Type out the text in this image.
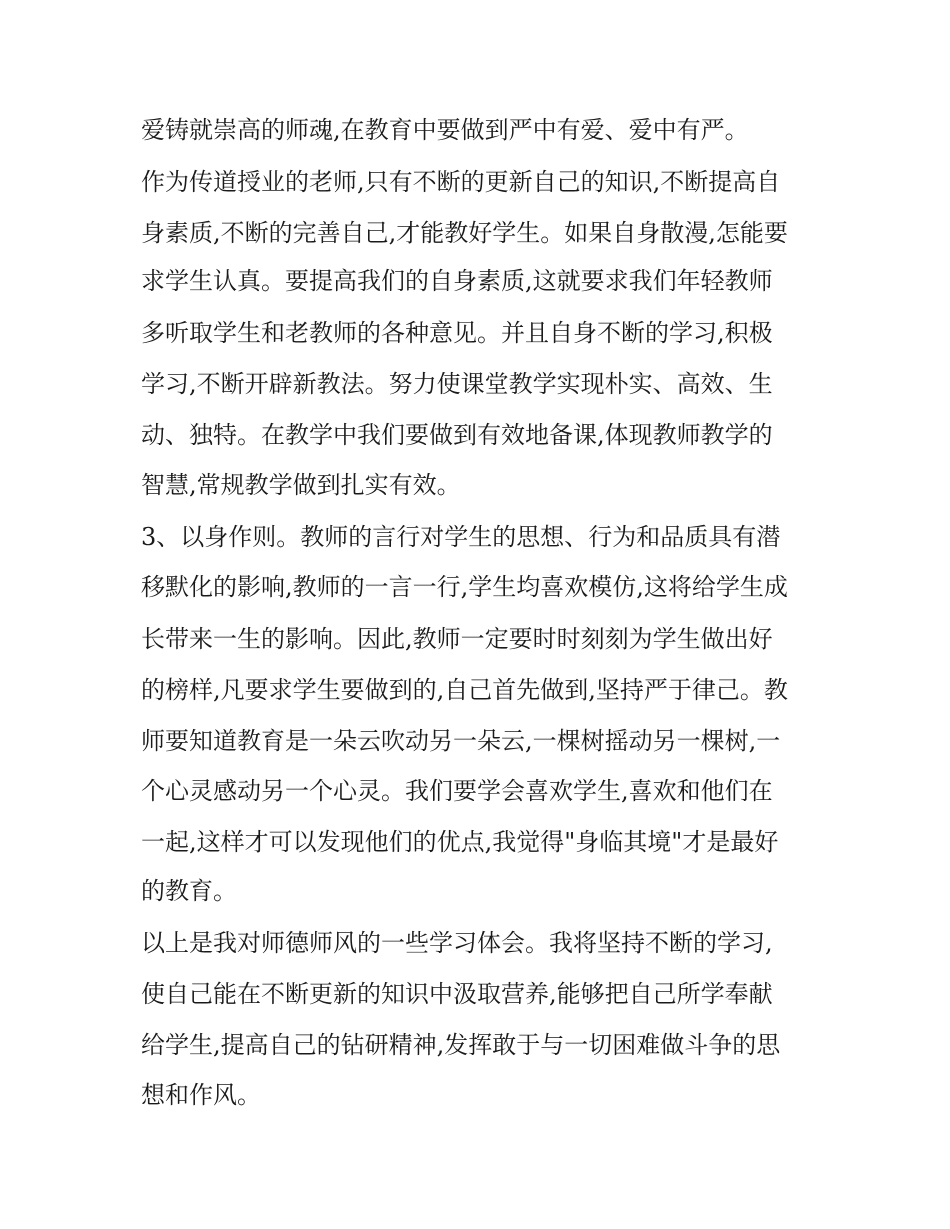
爱铸就崇高的师魂,在教育中要做到严中有爱、爱中有严。

作为传道授业的老师,只有不断的更新自己的知识,不断提高自

身素质,不断的完善自己,才能教好学生。如果自身散漫,怎能要

求学生认真。要提高我们的自身素质,这就要求我们年轻教师

多听取学生和老教师的各种意见。并且自身不断的学习,积极

学习,不断开辟新教法。努力使课堂教学实现朴实、高效、生

动、独特。在教学中我们要做到有效地备课,体现教师教学的

智慧,常规教学做到扎实有效。

3、以身作则。教师的言行对学生的思想、行为和品质具有潜

移默化的影响,教师的一言一行,学生均喜欢模仿,这将给学生成

长带来一生的影响。因此,教师一定要时时刻刻为学生做出好

的榜样,凡要求学生要做到的,自己首先做到,坚持严于律己。教

师要知道教育是一朵云吹动另一朵云,一棵树摇动另一棵树,一

个心灵感动另一个心灵。我们要学会喜欢学生,喜欢和他们在

一起,这样才可以发现他们的优点,我觉得"身临其境"才是最好

的教育。

以上是我对师德师风的一些学习体会。我将坚持不断的学习,

使自己能在不断更新的知识中汲取营养,能够把自己所学奉献

给学生,提高自己的钻研精神,发挥敢于与一切困难做斗争的思

想和作风。
